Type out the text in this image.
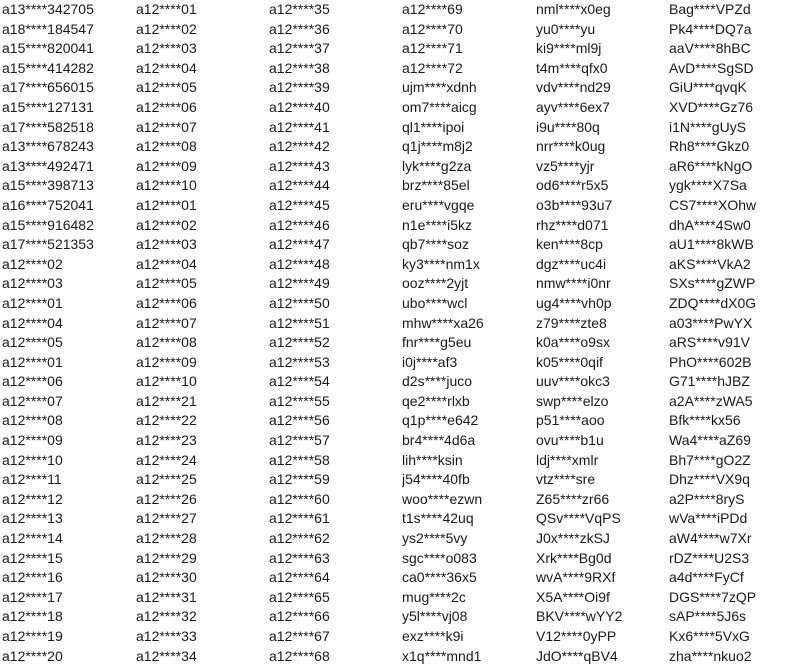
a13****342705
a18****184547
a15****820041
a15****414282
a17****656015
a15****127131
a17****582518
a13****678243
a13****492471
a15****398713
a16****752041
a15****916482
a17****521353
a12****02
a12****03
a12****01
a12****04
a12****05
a12****01
a12****06
a12****07
a12****08
a12****09
a12****10
a12****11
a12****12
a12****13
a12****14
a12****15
a12****16
a12****17
a12****18
a12****19
a12****20
a12****01
a12****02
a12****03
a12****04
a12****05
a12****06
a12****07
a12****08
a12****09
a12****10
a12****01
a12****02
a12****03
a12****04
a12****05
a12****06
a12****07
a12****08
a12****09
a12****10
a12****21
a12****22
a12****23
a12****24
a12****25
a12****26
a12****27
a12****28
a12****29
a12****30
a12****31
a12****32
a12****33
a12****34
a12****35
a12****36
a12****37
a12****38
a12****39
a12****40
a12****41
a12****42
a12****43
a12****44
a12****45
a12****46
a12****47
a12****48
a12****49
a12****50
a12****51
a12****52
a12****53
a12****54
a12****55
a12****56
a12****57
a12****58
a12****59
a12****60
a12****61
a12****62
a12****63
a12****64
a12****65
a12****66
a12****67
a12****68
a12****69
a12****70
a12****71
a12****72
ujm****xdnh
om7****aicg
ql1****ipoi
q1j****m8j2
lyk****g2za
brz****85el
eru****vgqe
n1e****i5kz
qb7****soz
ky3****nm1x
ooz****2yjt
ubo****wcl
mhw****xa26
fnr****g5eu
i0j****af3
d2s****juco
qe2****rlxb
q1p****e642
br4****4d6a
lih****ksin
j54****40fb
woo****ezwn
t1s****42uq
ys2****5vy
sgc****o083
ca0****36x5
mug****2c
y5l****vj08
exz****k9i
x1q****mnd1
nml****x0eg
yu0****yu
ki9****ml9j
t4m****qfx0
vdv****nd29
ayv****6ex7
i9u****80q
nrr****k0ug
vz5****yjr
od6****r5x5
o3b****93u7
rhz****d071
ken****8cp
dgz****uc4i
nmw****i0nr
ug4****vh0p
z79****zte8
k0a****o9sx
k05****0qif
uuv****okc3
swp****elzo
p51****aoo
ovu****b1u
ldj****xmlr
vtz****sre
Z65****zr66
QSv****VqPS
J0x****zkSJ
Xrk****Bg0d
wvA****9RXf
X5A****Oi9f
BKV****wYY2
V12****0yPP
JdO****qBV4
Bag****VPZd
Pk4****DQ7a
aaV****8hBC
AvD****SgSD
GiU****qvqK
XVD****Gz76
i1N****gUyS
Rh8****Gkz0
aR6****kNgO
ygk****X7Sa
CS7****XOhw
dhA****4Sw0
aU1****8kWB
aKS****VkA2
SXs****gZWP
ZDQ****dX0G
a03****PwYX
aRS****v91V
PhO****602B
G71****hJBZ
a2A****zWA5
Bfk****kx56
Wa4****aZ69
Bh7****gO2Z
Dhz****VX9q
a2P****8ryS
wVa****iPDd
aW4****w7Xr
rDZ****U2S3
a4d****FyCf
DGS****7zQP
sAP****5J6s
Kx6****5VxG
zha****nkuo2
